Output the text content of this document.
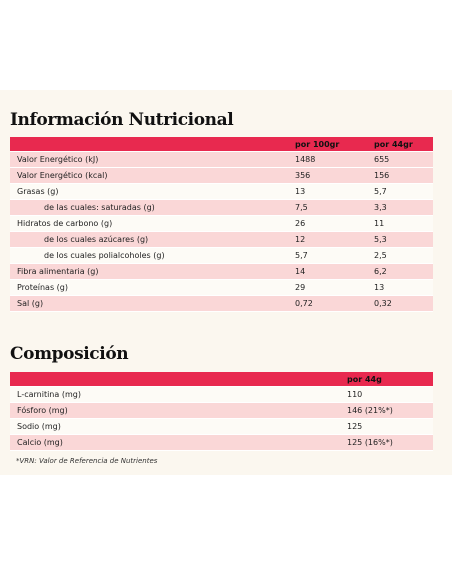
Información Nutricional
	por 100gr	por 44gr
Valor Energético (kJ)	1488	655
Valor Energético (kcal)	356	156
Grasas (g)	13	5,7
de las cuales: saturadas (g)	7,5	3,3
Hidratos de carbono (g)	26	11
de los cuales azúcares (g)	12	5,3
de los cuales polialcoholes (g)	5,7	2,5
Fibra alimentaria (g)	14	6,2
Proteínas (g)	29	13
Sal (g)	0,72	0,32
Composición
		por 44g
L-carnitina (mg)		110
Fósforo (mg)		146 (21%*)
Sodio (mg)		125
Calcio (mg)		125 (16%*)

*VRN: Valor de Referencia de Nutrientes
